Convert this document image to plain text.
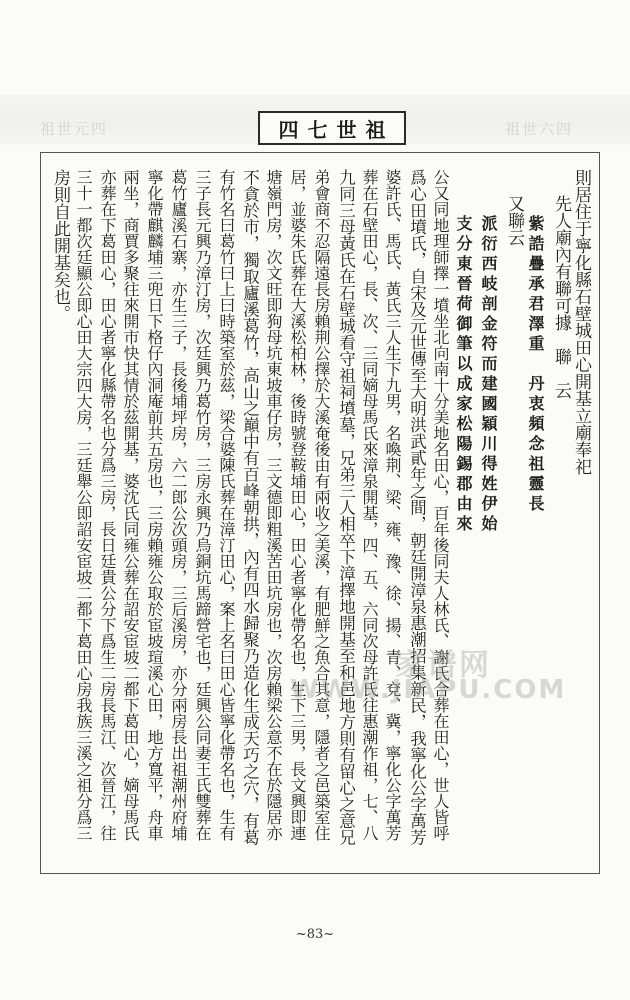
祖世元四	祖世六四
四七世祖
則居住于寧化縣石壁城田心開基立廟奉祀
先人廟內有聯可據　聯　云
紫誥疊承君澤重　丹衷頻念祖靈長
又聯云
派衍西岐剖金符而建國穎川得姓伊始
支分東晉荷御筆以成家松陽錫郡由來
公又同地理師擇一墳坐北向南十分美地名田心，百年後同夫人林氏、謝氏合葬在田心，世人皆呼
爲心田墳氏，自宋及元世傳至大明洪武貳年之間，朝廷開漳泉惠潮招集新民，我寧化公字萬芳
婆許氏、馬氏、黃氏三人生下九男，名喚荆、梁、雍、豫、徐、揚、青、兗、冀，寧化公字萬芳
葬在石壁田心，長、次、三同嫡母馬氏來漳泉開基，四、五、六同次母許氏往惠潮作祖，七、八
九同三母黃氏在石壁城看守祖祠墳墓，兄弟三人相卒下漳擇地開基至和邑地方則有留心之意兄
弟會商不忍隔遠長房賴荆公擇於大溪奄後由有兩收之美溪，有肥鮮之魚合其意，隱者之邑築室住
居，並婆朱氏葬在大溪松柏林，後時號登鞍埔田心，田心者寧化帶名也，生下三男，長文興即連
塘嶺門房，次文旺即狗母坑東坡車仔房，三文德即粗溪苦田坑房也，次房賴梁公意不在於隱居亦
不貪於市，獨取廬溪葛竹，高山之巔中有百峰朝拱，內有四水歸聚乃造化生成天巧之穴，有葛
有竹名曰葛竹曰上曰時築室於茲，梁合婆陳氏葬在漳汀田心，案上名曰田心皆寧化帶名也，生有
三子長元興乃漳汀房，次廷興乃葛竹房，三房永興乃烏銅坑馬蹄營宅也，廷興公同妻王氏雙葬在
葛竹廬溪石寨，亦生三子，長後埔坪房，六二郎公次頭房，三后溪房，亦分兩房長出祖潮州府埔
寧化帶麒麟埔三兜日下格仔內洞庵前共五房也，三房賴雍公取於宦坡瑄溪心田，地方寬平，舟車
兩坐，商賈多聚往來開市快其情於茲開基，婆沈氏同雍公葬在詔安宦坡二都下葛田心，嫡母馬氏
亦葬在下葛田心，田心者寧化縣帶名也分爲三房，長日廷貴公分下爲生二房長馬江、次晉江，往
三十一都次廷顯公即心田大宗四大房，三廷舉公即詔安宦坡二都下葛田心房我族三溪之祖分爲三
房則自此開基矣也。
家谱网
WWW.JIAPU.COM
~83~
